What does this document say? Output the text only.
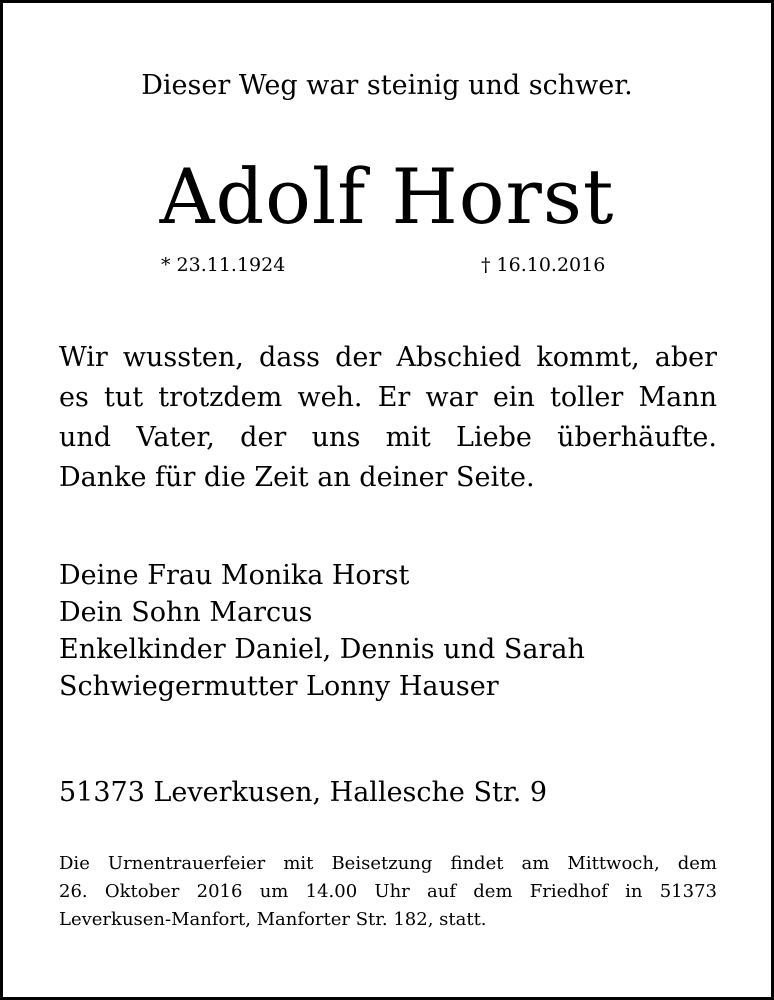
Dieser Weg war steinig und schwer.
Adolf Horst
* 23.11.1924	† 16.10.2016
Wir wussten, dass der Abschied kommt, aber
es tut trotzdem weh. Er war ein toller Mann
und Vater, der uns mit Liebe überhäufte.
Danke für die Zeit an deiner Seite.
Deine Frau Monika Horst
Dein Sohn Marcus
Enkelkinder Daniel, Dennis und Sarah
Schwiegermutter Lonny Hauser
51373 Leverkusen, Hallesche Str. 9
Die Urnentrauerfeier mit Beisetzung findet am Mittwoch, dem
26. Oktober 2016 um 14.00 Uhr auf dem Friedhof in 51373
Leverkusen-Manfort, Manforter Str. 182, statt.
